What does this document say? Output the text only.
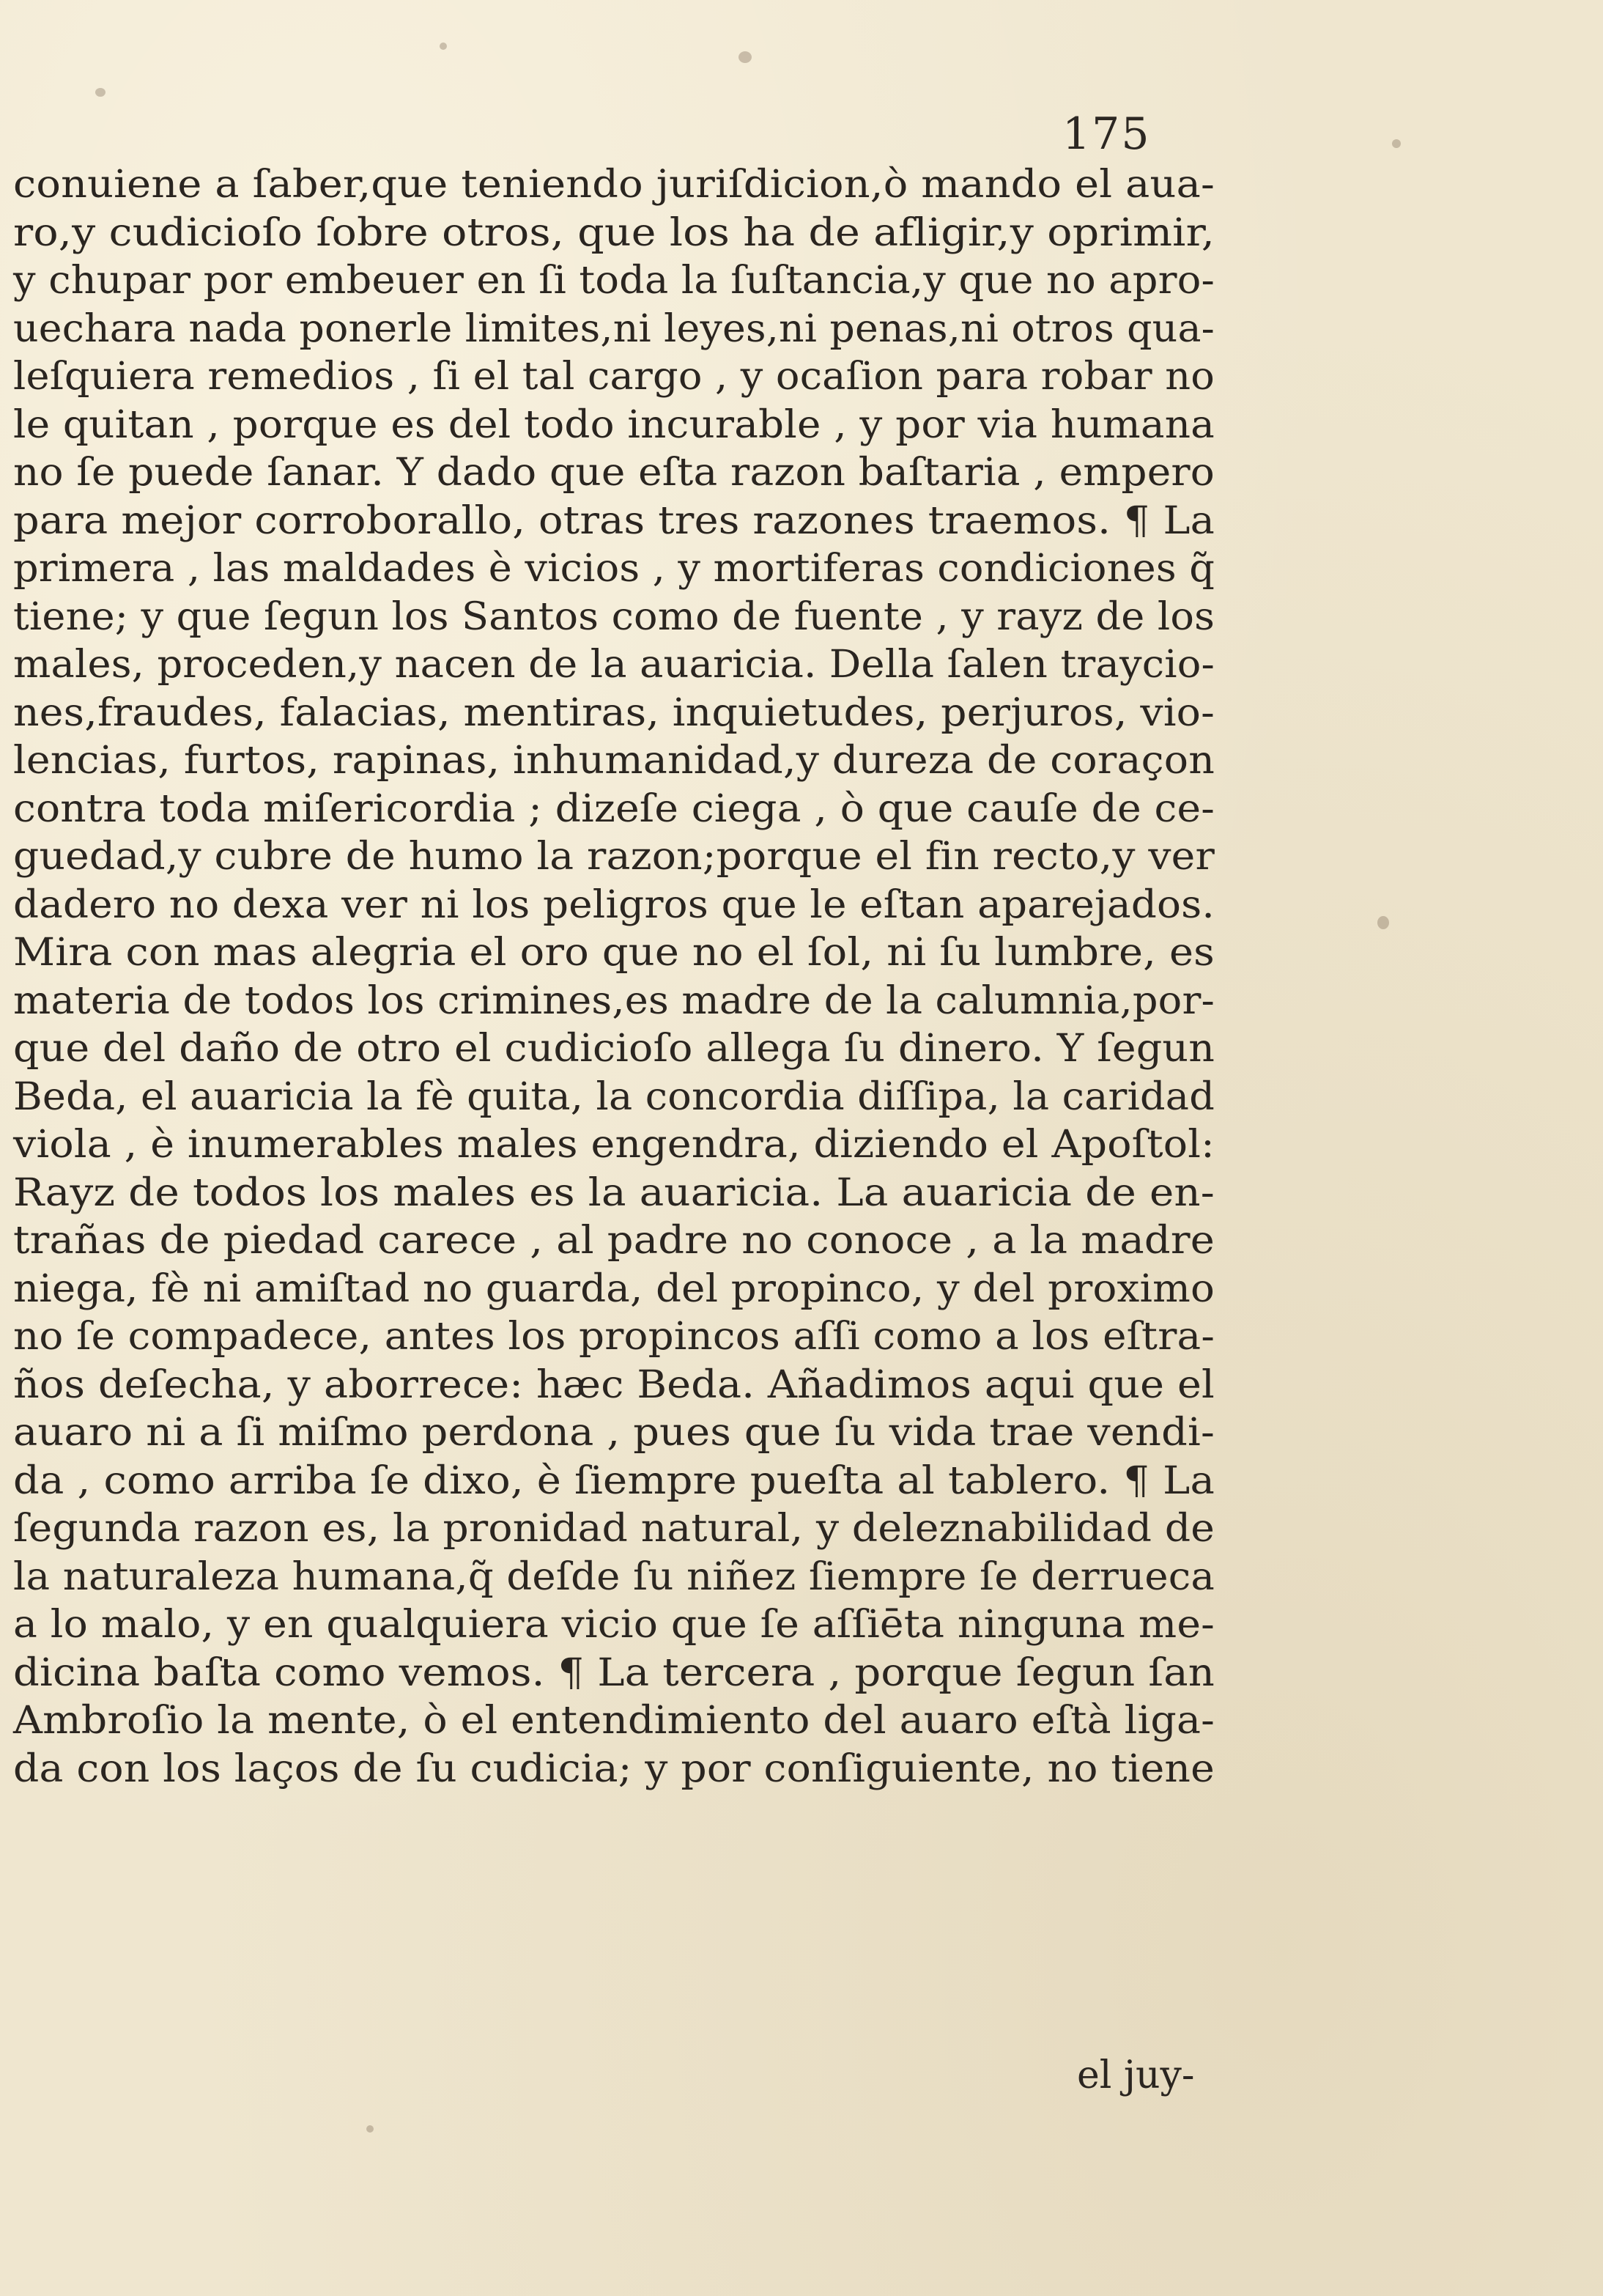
175
conuiene a ſaber,que teniendo juriſdicion,ò mando el aua-
ro,y cudicioſo ſobre otros, que los ha de afligir,y oprimir,
y chupar por embeuer en ſi toda la ſuſtancia,y que no apro-
uechara nada ponerle limites,ni leyes,ni penas,ni otros qua-
leſquiera remedios , ſi el tal cargo , y ocaſion para robar no
le quitan , porque es del todo incurable , y por via humana
no ſe puede ſanar. Y dado que eſta razon baſtaria , empero
para mejor corroborallo, otras tres razones traemos. ¶ La
primera , las maldades è vicios , y mortiferas condiciones q̃
tiene; y que ſegun los Santos como de fuente , y rayz de los
males, proceden,y nacen de la auaricia. Della ſalen traycio-
nes,fraudes, falacias, mentiras, inquietudes, perjuros, vio-
lencias, furtos, rapinas, inhumanidad,y dureza de coraçon
contra toda miſericordia ; dizeſe ciega , ò que cauſe de ce-
guedad,y cubre de humo la razon;porque el fin recto,y ver
dadero no dexa ver ni los peligros que le eſtan aparejados.
Mira con mas alegria el oro que no el ſol, ni ſu lumbre, es
materia de todos los crimines,es madre de la calumnia,por-
que del daño de otro el cudicioſo allega ſu dinero. Y ſegun
Beda, el auaricia la fè quita, la concordia diſſipa, la caridad
viola , è inumerables males engendra, diziendo el Apoſtol:
Rayz de todos los males es la auaricia. La auaricia de en-
trañas de piedad carece , al padre no conoce , a la madre
niega, fè ni amiſtad no guarda, del propinco, y del proximo
no ſe compadece, antes los propincos aſſi como a los eſtra-
ños deſecha, y aborrece: hæc Beda. Añadimos aqui que el
auaro ni a ſi miſmo perdona , pues que ſu vida trae vendi-
da , como arriba ſe dixo, è ſiempre pueſta al tablero. ¶ La
ſegunda razon es, la pronidad natural, y deleznabilidad de
la naturaleza humana,q̃ deſde ſu niñez ſiempre ſe derrueca
a lo malo, y en qualquiera vicio que ſe aſſiēta ninguna me-
dicina baſta como vemos. ¶ La tercera , porque ſegun ſan
Ambroſio la mente, ò el entendimiento del auaro eſtà liga-
da con los laços de ſu cudicia; y por conſiguiente, no tiene
el juy-
